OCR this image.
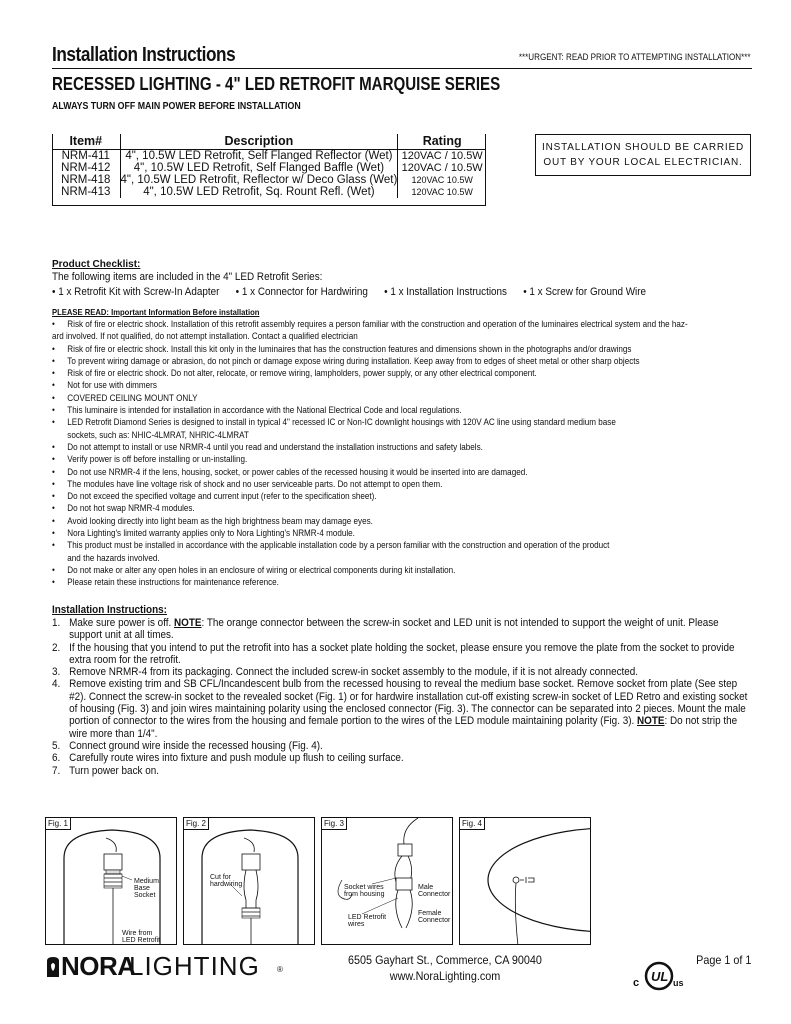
Installation Instructions	***URGENT: READ PRIOR TO ATTEMPTING INSTALLATION***
RECESSED LIGHTING - 4" LED RETROFIT MARQUISE SERIES
ALWAYS TURN OFF MAIN POWER BEFORE INSTALLATION
Item#	Description	Rating
NRM-411	4", 10.5W LED Retrofit, Self Flanged Reflector (Wet)	120VAC / 10.5W
NRM-412	4", 10.5W LED Retrofit, Self Flanged Baffle (Wet)	120VAC / 10.5W
NRM-418	4", 10.5W LED Retrofit, Reflector w/ Deco Glass (Wet)	120VAC 10.5W
NRM-413	4", 10.5W LED Retrofit, Sq. Rount Refl. (Wet)	120VAC 10.5W
INSTALLATION SHOULD BE CARRIED OUT BY YOUR LOCAL ELECTRICIAN.
Product Checklist:
The following items are included in the 4" LED Retrofit Series:
• 1 x Retrofit Kit with Screw-In Adapter	• 1 x Connector for Hardwiring	• 1 x Installation Instructions	• 1 x Screw for Ground Wire
PLEASE READ: Important Information Before installation
• Risk of fire or electric shock. Installation of this retrofit assembly requires a person familiar with the construction and operation of the luminaires electrical system and the haz-
ard involved. If not qualified, do not attempt installation. Contact a qualified electrician
• Risk of fire or electric shock. Install this kit only in the luminaires that has the construction features and dimensions shown in the photographs and/or drawings
• To prevent wiring damage or abrasion, do not pinch or damage expose wiring during installation. Keep away from to edges of sheet metal or other sharp objects
• Risk of fire or electric shock. Do not alter, relocate, or remove wiring, lampholders, power supply, or any other electrical component.
• Not for use with dimmers
• COVERED CEILING MOUNT ONLY
• This luminaire is intended for installation in accordance with the National Electrical Code and local regulations.
• LED Retrofit Diamond Series is designed to install in typical 4" recessed IC or Non-IC downlight housings with 120V AC line using standard medium base
sockets, such as: NHIC-4LMRAT, NHRIC-4LMRAT
• Do not attempt to install or use NRMR-4 until you read and understand the installation instructions and safety labels.
• Verify power is off before installing or un-installing.
• Do not use NRMR-4 if the lens, housing, socket, or power cables of the recessed housing it would be inserted into are damaged.
• The modules have line voltage risk of shock and no user serviceable parts. Do not attempt to open them.
• Do not exceed the specified voltage and current input (refer to the specification sheet).
• Do not hot swap NRMR-4 modules.
• Avoid looking directly into light beam as the high brightness beam may damage eyes.
• Nora Lighting's limited warranty applies only to Nora Lighting's NRMR-4 module.
• This product must be installed in accordance with the applicable installation code by a person familiar with the construction and operation of the product
and the hazards involved.
• Do not make or alter any open holes in an enclosure of wiring or electrical components during kit installation.
• Please retain these instructions for maintenance reference.
Installation Instructions:
1. Make sure power is off. NOTE: The orange connector between the screw-in socket and LED unit is not intended to support the weight of unit. Please support unit at all times.
2. If the housing that you intend to put the retrofit into has a socket plate holding the socket, please ensure you remove the plate from the socket to provide extra room for the retrofit.
3. Remove NRMR-4 from its packaging. Connect the included screw-in socket assembly to the module, if it is not already connected.
4. Remove existing trim and SB CFL/Incandescent bulb from the recessed housing to reveal the medium base socket. Remove socket from plate (See step #2). Connect the screw-in socket to the revealed socket (Fig. 1) or for hardwire installation cut-off existing screw-in socket of LED Retro and existing socket of housing (Fig. 3) and join wires maintaining polarity using the enclosed connector (Fig. 3). The connector can be separated into 2 pieces. Mount the male portion of connector to the wires from the housing and female portion to the wires of the LED module maintaining polarity (Fig. 3). NOTE: Do not strip the wire more than 1/4".
5. Connect ground wire inside the recessed housing (Fig. 4).
6. Carefully route wires into fixture and push module up flush to ceiling surface.
7. Turn power back on.
Fig. 1
Medium
Base
Socket
Wire from
LED Retrofit
Fig. 2
Cut for
hardwiring
Fig. 3
Socket wires
from housing
Male
Connector
Female
Connector
LED Retrofit
wires
Fig. 4
NORA
LIGHTING ®
6505 Gayhart St., Commerce, CA 90040
www.NoraLighting.com	c UL us
Page 1 of 1
